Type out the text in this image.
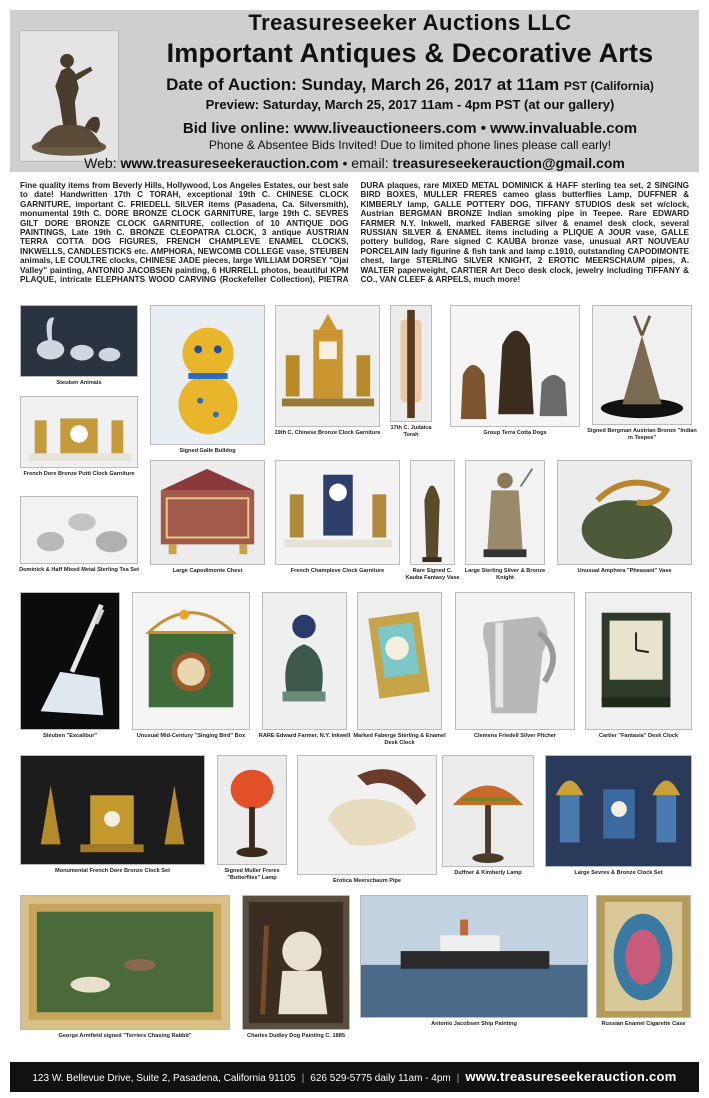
Treasureseeker Auctions LLC
Important Antiques & Decorative Arts
Date of Auction: Sunday, March 26, 2017 at 11am PST (California)
Preview: Saturday, March 25, 2017 11am - 4pm PST (at our gallery)
Bid live online: www.liveauctioneers.com • www.invaluable.com
Phone & Absentee Bids Invited! Due to limited phone lines please call early!
Web: www.treasureseekerauction.com • email: treasureseekerauction@gmail.com
Fine quality items from Beverly Hills, Hollywood, Los Angeles Estates, our best sale to date! Handwritten 17th C TORAH, exceptional 19th C. CHINESE CLOCK GARNITURE, important C. FRIEDELL SILVER items (Pasadena, Ca. Silversmith), monumental 19th C. DORE BRONZE CLOCK GARNITURE, large 19th C. SEVRES GILT DORE BRONZE CLOCK GARNITURE, collection of 10 ANTIQUE DOG PAINTINGS, Late 19th C. BRONZE CLEOPATRA CLOCK, 3 antique AUSTRIAN TERRA COTTA DOG FIGURES, FRENCH CHAMPLEVE ENAMEL CLOCKS, INKWELLS, CANDLESTICKS etc. AMPHORA, NEWCOMB COLLEGE vase, STEUBEN animals, LE COULTRE clocks, CHINESE JADE pieces, large WILLIAM DORSEY "Ojai Valley" painting, ANTONIO JACOBSEN painting, 6 HURRELL photos, beautiful KPM PLAQUE, intricate ELEPHANTS WOOD CARVING (Rockefeller Collection), PIETRA DURA plaques, rare MIXED METAL DOMINICK & HAFF sterling tea set, 2 SINGING BIRD BOXES, MULLER FRERES cameo glass butterflies Lamp, DUFFNER & KIMBERLY lamp, GALLE POTTERY DOG, TIFFANY STUDIOS desk set w/clock, Austrian BERGMAN BRONZE Indian smoking pipe in Teepee. Rare EDWARD FARMER N.Y. Inkwell, marked FABERGE silver & enamel desk clock, several RUSSIAN SILVER & ENAMEL items including a PLIQUE A JOUR vase, GALLE pottery bulldog, Rare signed C KAUBA bronze vase, unusual ART NOUVEAU PORCELAIN lady figurine & fish tank and lamp c.1910, outstanding CAPODIMONTE chest, large STERLING SILVER KNIGHT, 2 EROTIC MEERSCHAUM pipes, A. WALTER paperweight, CARTIER Art Deco desk clock, jewelry including TIFFANY & CO., VAN CLEEF & ARPELS, much more!
Steuben Animals
French Dore Bronze Putti Clock Garniture
Dominick & Haff Mixed Metal Sterling Tea Set
Signed Galle Bulldog
19th C. Chinese Bronze Clock Garniture
17th C. Judaica Torah	Group Terra Cotta Dogs	Signed Bergman Austrian Bronze "Indian in Teepee"
Large Capodimonte Chest	French Champleve Clock Garniture	Rare Signed C. Kauba Fantasy Vase
Large Sterling Silver & Bronze Knight
Unusual Amphora "Pheasant" Vase
Steuben "Excalibur"	Unusual Mid-Century "Singing Bird" Box	RARE Edward Farmer, N.Y. Inkwell Marked Faberge Sterling & Enamel Desk Clock
Clemens Friedell Silver Pitcher	Cartier "Fantasia" Desk Clock
Monumental French Dore Bronze Clock Set	Signed Muller Freres "Butterflies" Lamp	Erotica Meerschaum Pipe
Duffner & Kimberly Lamp	Large Sevres & Bronze Clock Set
George Armfield signed "Terriers Chasing Rabbit"	Charles Dudley Dog Painting C. 1885
Antonio Jacobsen Ship Painting	Russian Enamel Cigarette Case
123 W. Bellevue Drive, Suite 2, Pasadena, California 91105 | 626 529-5775 daily 11am - 4pm | www.treasureseekerauction.com
